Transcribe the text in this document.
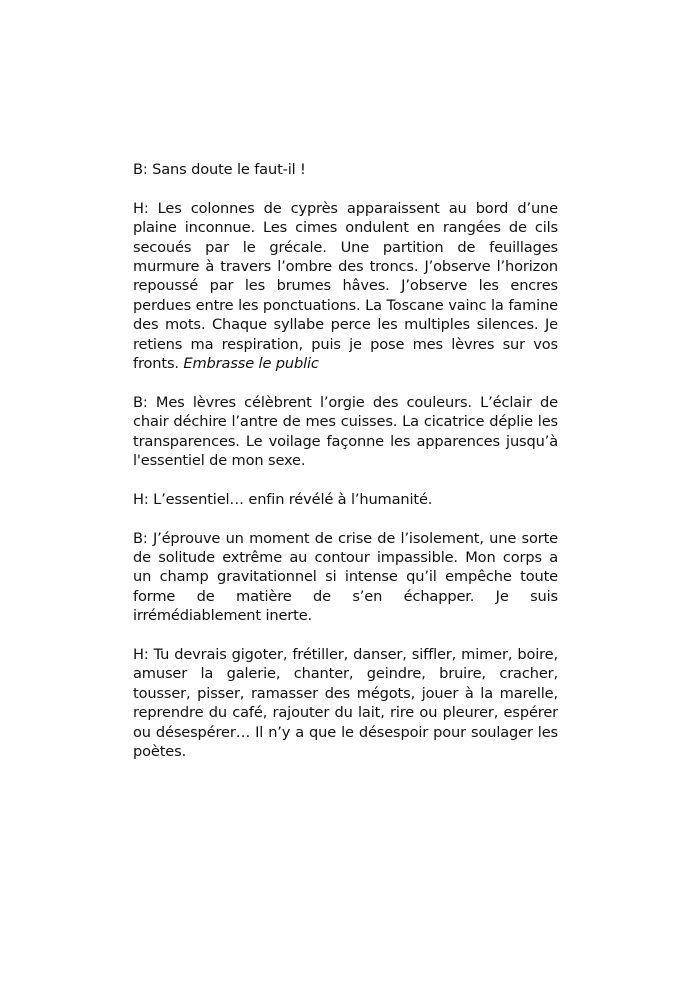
B: Sans doute le faut-il !

H: Les colonnes de cyprès apparaissent au bord d’une plaine inconnue. Les cimes ondulent en rangées de cils secoués par le grécale. Une partition de feuillages murmure à travers l’ombre des troncs. J’observe l’horizon repoussé par les brumes hâves. J’observe les encres perdues entre les ponctuations. La Toscane vainc la famine des mots. Chaque syllabe perce les multiples silences. Je retiens ma respiration, puis je pose mes lèvres sur vos fronts. Embrasse le public

B: Mes lèvres célèbrent l’orgie des couleurs. L’éclair de chair déchire l’antre de mes cuisses. La cicatrice déplie les transparences. Le voilage façonne les apparences jusqu’à l'essentiel de mon sexe.

H: L’essentiel… enfin révélé à l’humanité.

B: J’éprouve un moment de crise de l’isolement, une sorte de solitude extrême au contour impassible. Mon corps a un champ gravitationnel si intense qu’il empêche toute forme de matière de s’en échapper. Je suis irrémédiablement inerte.

H: Tu devrais gigoter, frétiller, danser, siffler, mimer, boire, amuser la galerie, chanter, geindre, bruire, cracher, tousser, pisser, ramasser des mégots, jouer à la marelle, reprendre du café, rajouter du lait, rire ou pleurer, espérer ou désespérer… Il n’y a que le désespoir pour soulager les poètes.
